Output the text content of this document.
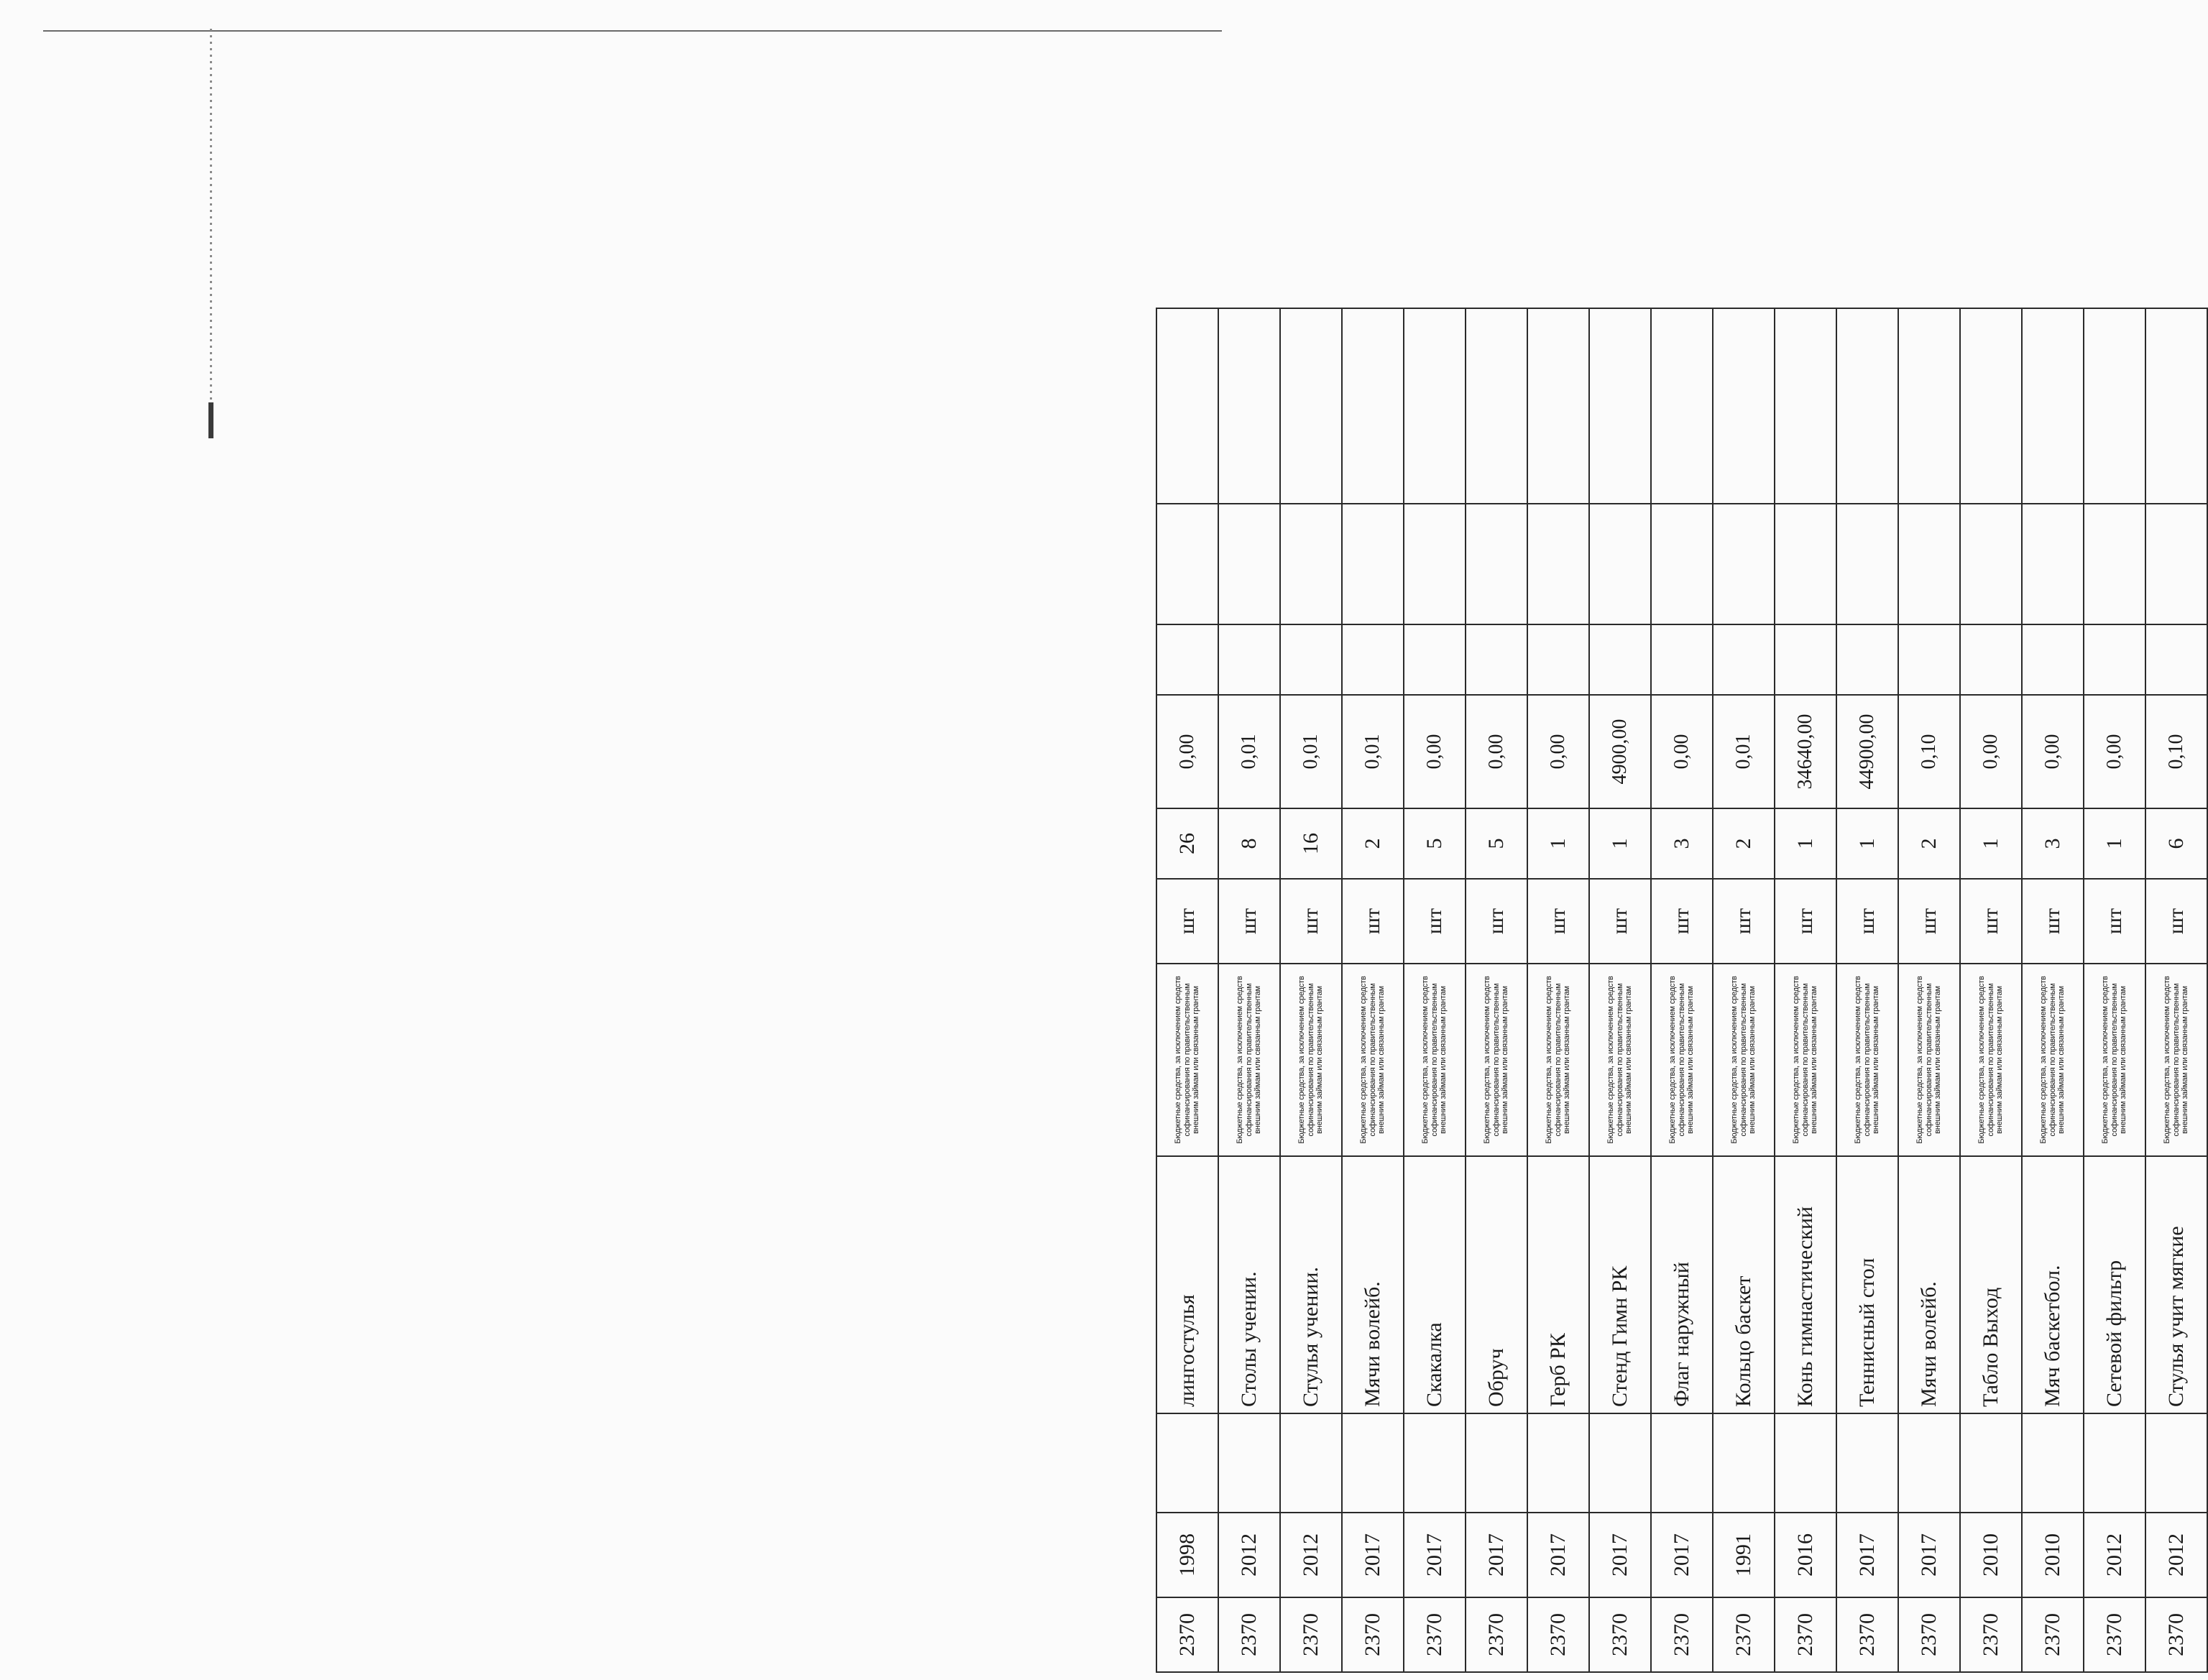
2370	1998		лингостулья	Бюджетные средства, за исключением средств софинансирования по правительственным внешним займам или связанным грантам	шт	26	0,00			
2370	2012		Столы учении.	Бюджетные средства, за исключением средств софинансирования по правительственным внешним займам или связанным грантам	шт	8	0,01			
2370	2012		Стулья учении.	Бюджетные средства, за исключением средств софинансирования по правительственным внешним займам или связанным грантам	шт	16	0,01			
2370	2017		Мячи волейб.	Бюджетные средства, за исключением средств софинансирования по правительственным внешним займам или связанным грантам	шт	2	0,01			
2370	2017		Скакалка	Бюджетные средства, за исключением средств софинансирования по правительственным внешним займам или связанным грантам	шт	5	0,00			
2370	2017		Обруч	Бюджетные средства, за исключением средств софинансирования по правительственным внешним займам или связанным грантам	шт	5	0,00			
2370	2017		Герб РК	Бюджетные средства, за исключением средств софинансирования по правительственным внешним займам или связанным грантам	шт	1	0,00			
2370	2017		Стенд Гимн РК	Бюджетные средства, за исключением средств софинансирования по правительственным внешним займам или связанным грантам	шт	1	4900,00			
2370	2017		Флаг наружный	Бюджетные средства, за исключением средств софинансирования по правительственным внешним займам или связанным грантам	шт	3	0,00			
2370	1991		Кольцо баскет	Бюджетные средства, за исключением средств софинансирования по правительственным внешним займам или связанным грантам	шт	2	0,01			
2370	2016		Конь гимнастический	Бюджетные средства, за исключением средств софинансирования по правительственным внешним займам или связанным грантам	шт	1	34640,00			
2370	2017		Теннисный стол	Бюджетные средства, за исключением средств софинансирования по правительственным внешним займам или связанным грантам	шт	1	44900,00			
2370	2017		Мячи волейб.	Бюджетные средства, за исключением средств софинансирования по правительственным внешним займам или связанным грантам	шт	2	0,10			
2370	2010		Табло Выход	Бюджетные средства, за исключением средств софинансирования по правительственным внешним займам или связанным грантам	шт	1	0,00			
2370	2010		Мяч баскетбол.	Бюджетные средства, за исключением средств софинансирования по правительственным внешним займам или связанным грантам	шт	3	0,00			
2370	2012		Сетевой фильтр	Бюджетные средства, за исключением средств софинансирования по правительственным внешним займам или связанным грантам	шт	1	0,00			
2370	2012		Стулья учит мягкие	Бюджетные средства, за исключением средств софинансирования по правительственным внешним займам или связанным грантам	шт	6	0,10			
